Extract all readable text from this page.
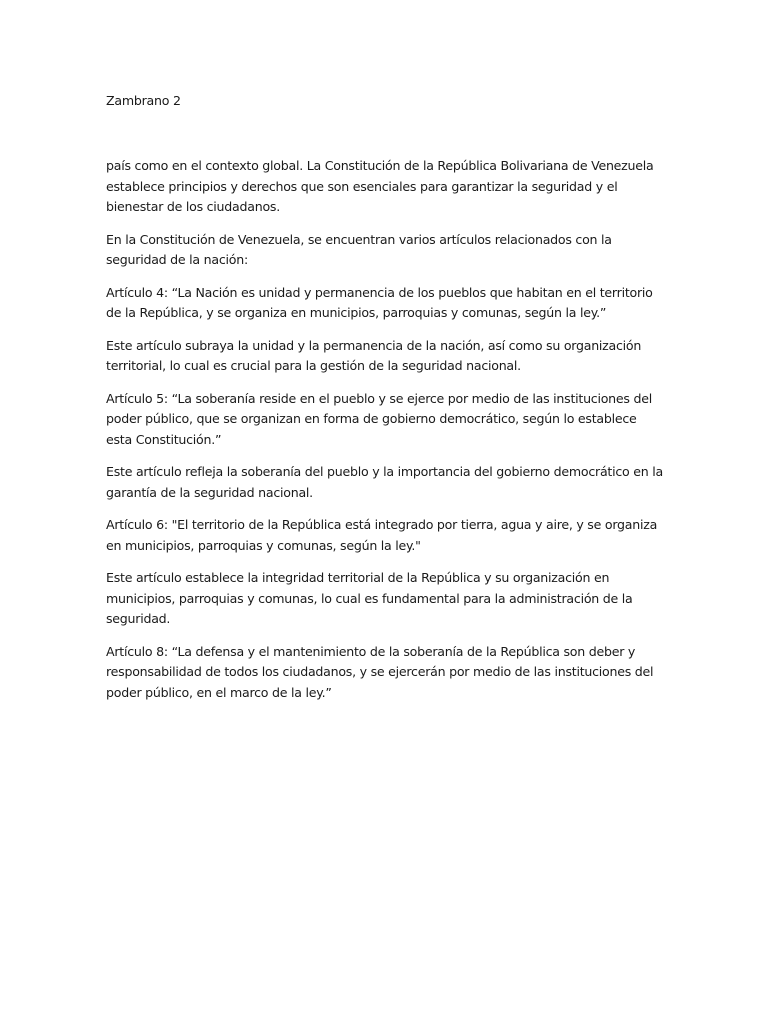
Zambrano 2

país como en el contexto global. La Constitución de la República Bolivariana de Venezuela establece principios y derechos que son esenciales para garantizar la seguridad y el bienestar de los ciudadanos.

En la Constitución de Venezuela, se encuentran varios artículos relacionados con la seguridad de la nación:

Artículo 4: “La Nación es unidad y permanencia de los pueblos que habitan en el territorio de la República, y se organiza en municipios, parroquias y comunas, según la ley.”

Este artículo subraya la unidad y la permanencia de la nación, así como su organización territorial, lo cual es crucial para la gestión de la seguridad nacional.

Artículo 5: “La soberanía reside en el pueblo y se ejerce por medio de las instituciones del poder público, que se organizan en forma de gobierno democrático, según lo establece esta Constitución.”

Este artículo refleja la soberanía del pueblo y la importancia del gobierno democrático en la garantía de la seguridad nacional.

Artículo 6: "El territorio de la República está integrado por tierra, agua y aire, y se organiza en municipios, parroquias y comunas, según la ley."

Este artículo establece la integridad territorial de la República y su organización en municipios, parroquias y comunas, lo cual es fundamental para la administración de la seguridad.

Artículo 8: “La defensa y el mantenimiento de la soberanía de la República son deber y responsabilidad de todos los ciudadanos, y se ejercerán por medio de las instituciones del poder público, en el marco de la ley.”
